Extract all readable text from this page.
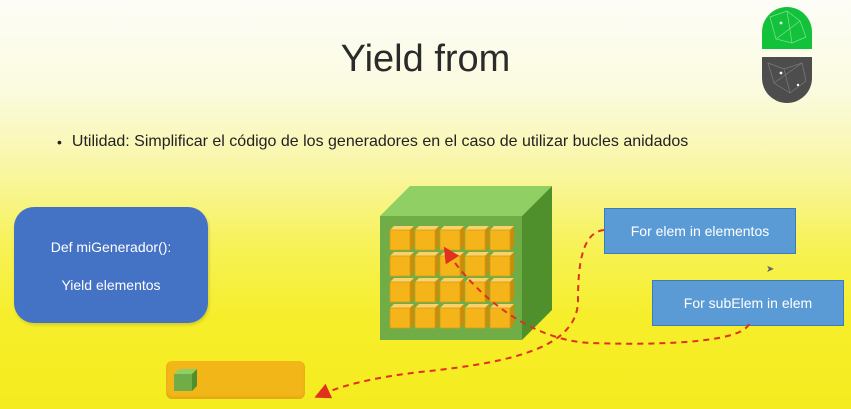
Yield from
• Utilidad: Simplificar el código de los generadores en el caso de utilizar bucles anidados
Def miGenerador():
Yield elementos
For elem in elementos
For subElem in elem
➤
